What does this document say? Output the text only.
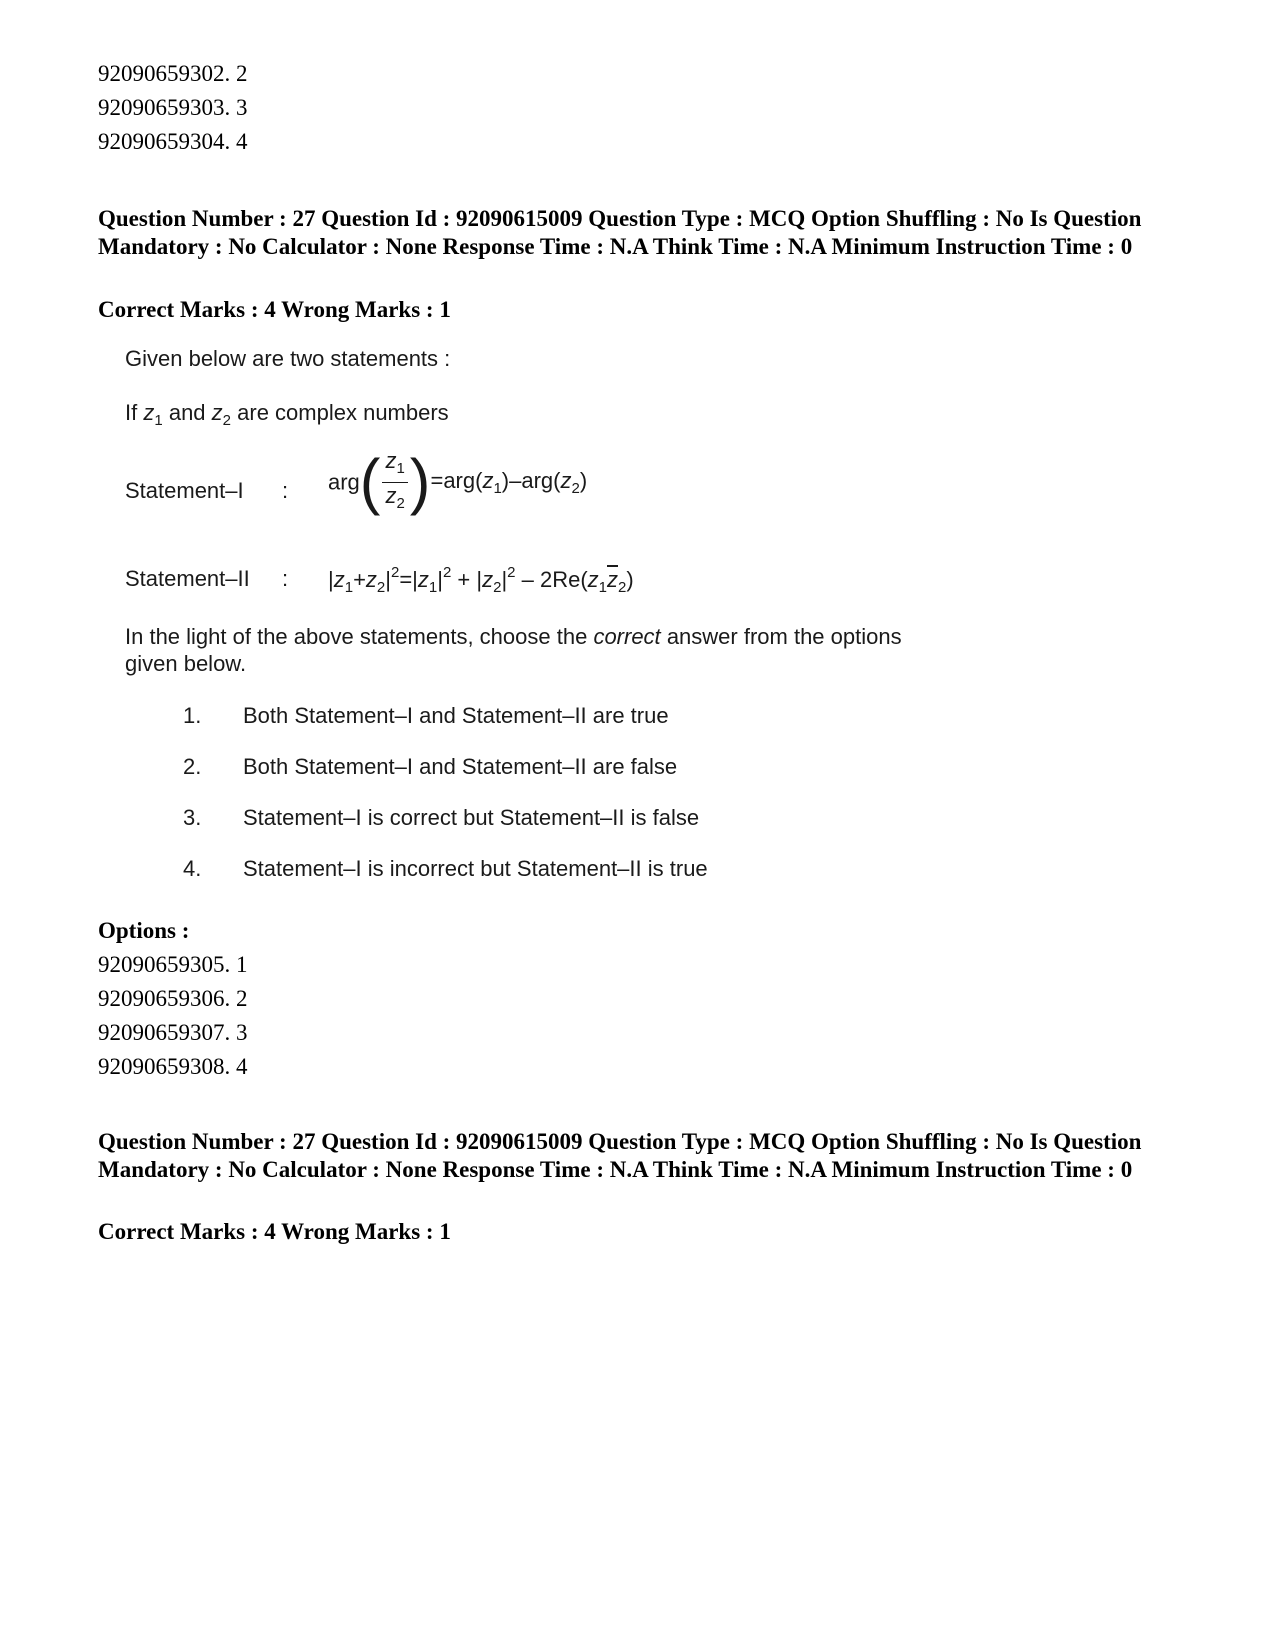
92090659302. 2
92090659303. 3
92090659304. 4
Question Number : 27 Question Id : 92090615009 Question Type : MCQ Option Shuffling : No Is Question Mandatory : No Calculator : None Response Time : N.A Think Time : N.A Minimum Instruction Time : 0
Correct Marks : 4 Wrong Marks : 1
Given below are two statements :
If $z_1$ and $z_2$ are complex numbers
Statement–I : $arg( \frac{z_1}{z_2} )=arg(z_1)-arg(z_2)$
Statement–II : $|z_1+z_2|^2=|z_1|^2 + |z_2|^2 - 2Re(z_1\overline{z}_2)$
In the light of the above statements, choose the correct answer from the options
given below.
1. Both Statement–I and Statement–II are true
2. Both Statement–I and Statement–II are false
3. Statement–I is correct but Statement–II is false
4. Statement–I is incorrect but Statement–II is true
Options :
92090659305. 1
92090659306. 2
92090659307. 3
92090659308. 4
Question Number : 27 Question Id : 92090615009 Question Type : MCQ Option Shuffling : No Is Question Mandatory : No Calculator : None Response Time : N.A Think Time : N.A Minimum Instruction Time : 0
Correct Marks : 4 Wrong Marks : 1
